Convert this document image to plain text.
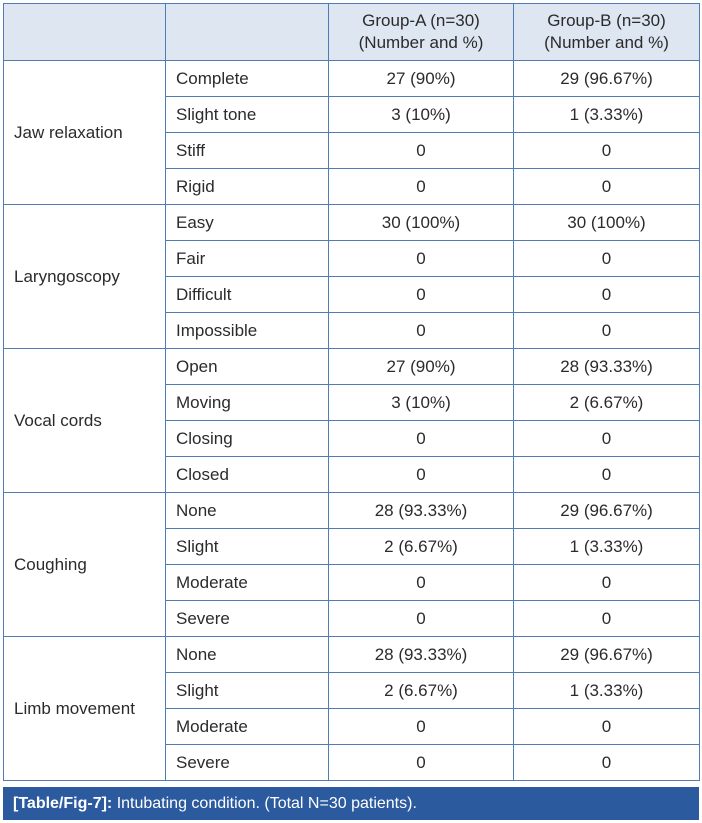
		Group-A (n=30) (Number and %)	Group-B (n=30) (Number and %)
Jaw relaxation	Complete	27 (90%)	29 (96.67%)
	Slight tone	3 (10%)	1 (3.33%)
	Stiff	0	0
	Rigid	0	0
Laryngoscopy	Easy	30 (100%)	30 (100%)
	Fair	0	0
	Difficult	0	0
	Impossible	0	0
Vocal cords	Open	27 (90%)	28 (93.33%)
	Moving	3 (10%)	2 (6.67%)
	Closing	0	0
	Closed	0	0
Coughing	None	28 (93.33%)	29 (96.67%)
	Slight	2 (6.67%)	1 (3.33%)
	Moderate	0	0
	Severe	0	0
Limb movement	None	28 (93.33%)	29 (96.67%)
	Slight	2 (6.67%)	1 (3.33%)
	Moderate	0	0
	Severe	0	0
[Table/Fig-7]: Intubating condition. (Total N=30 patients).
